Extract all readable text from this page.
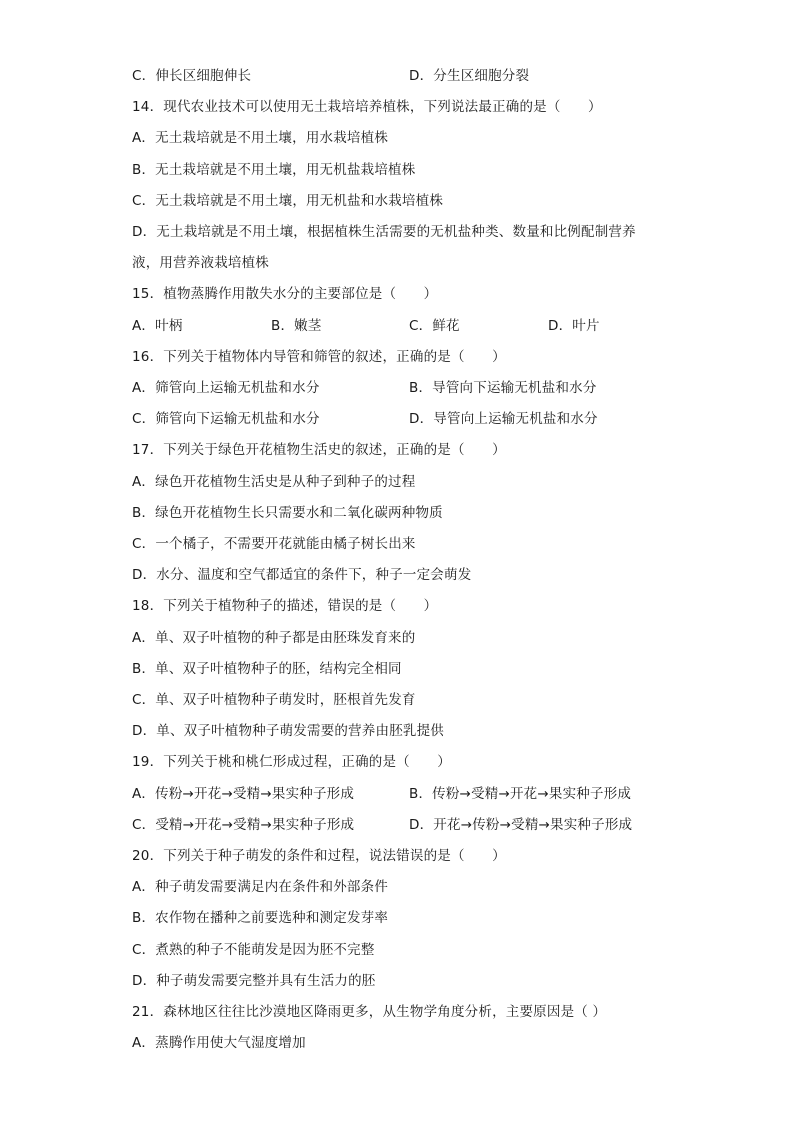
C．伸长区细胞伸长	D．分生区细胞分裂
14．现代农业技术可以使用无土栽培培养植株，下列说法最正确的是（　　）
A．无土栽培就是不用土壤，用水栽培植株
B．无土栽培就是不用土壤，用无机盐栽培植株
C．无土栽培就是不用土壤，用无机盐和水栽培植株
D．无土栽培就是不用土壤，根据植株生活需要的无机盐种类、数量和比例配制营养
液，用营养液栽培植株
15．植物蒸腾作用散失水分的主要部位是（　　）
A．叶柄	B．嫩茎	C．鲜花	D．叶片
16．下列关于植物体内导管和筛管的叙述，正确的是（　　）
A．筛管向上运输无机盐和水分	B．导管向下运输无机盐和水分
C．筛管向下运输无机盐和水分	D．导管向上运输无机盐和水分
17．下列关于绿色开花植物生活史的叙述，正确的是（　　）
A．绿色开花植物生活史是从种子到种子的过程
B．绿色开花植物生长只需要水和二氧化碳两种物质
C．一个橘子，不需要开花就能由橘子树长出来
D．水分、温度和空气都适宜的条件下，种子一定会萌发
18．下列关于植物种子的描述，错误的是（　　）
A．单、双子叶植物的种子都是由胚珠发育来的
B．单、双子叶植物种子的胚，结构完全相同
C．单、双子叶植物种子萌发时，胚根首先发育
D．单、双子叶植物种子萌发需要的营养由胚乳提供
19．下列关于桃和桃仁形成过程，正确的是（　　）
A．传粉→开花→受精→果实种子形成	B．传粉→受精→开花→果实种子形成
C．受精→开花→受精→果实种子形成	D．开花→传粉→受精→果实种子形成
20．下列关于种子萌发的条件和过程，说法错误的是（　　）
A．种子萌发需要满足内在条件和外部条件
B．农作物在播种之前要选种和测定发芽率
C．煮熟的种子不能萌发是因为胚不完整
D．种子萌发需要完整并具有生活力的胚
21．森林地区往往比沙漠地区降雨更多，从生物学角度分析，主要原因是（ ）
A．蒸腾作用使大气湿度增加
